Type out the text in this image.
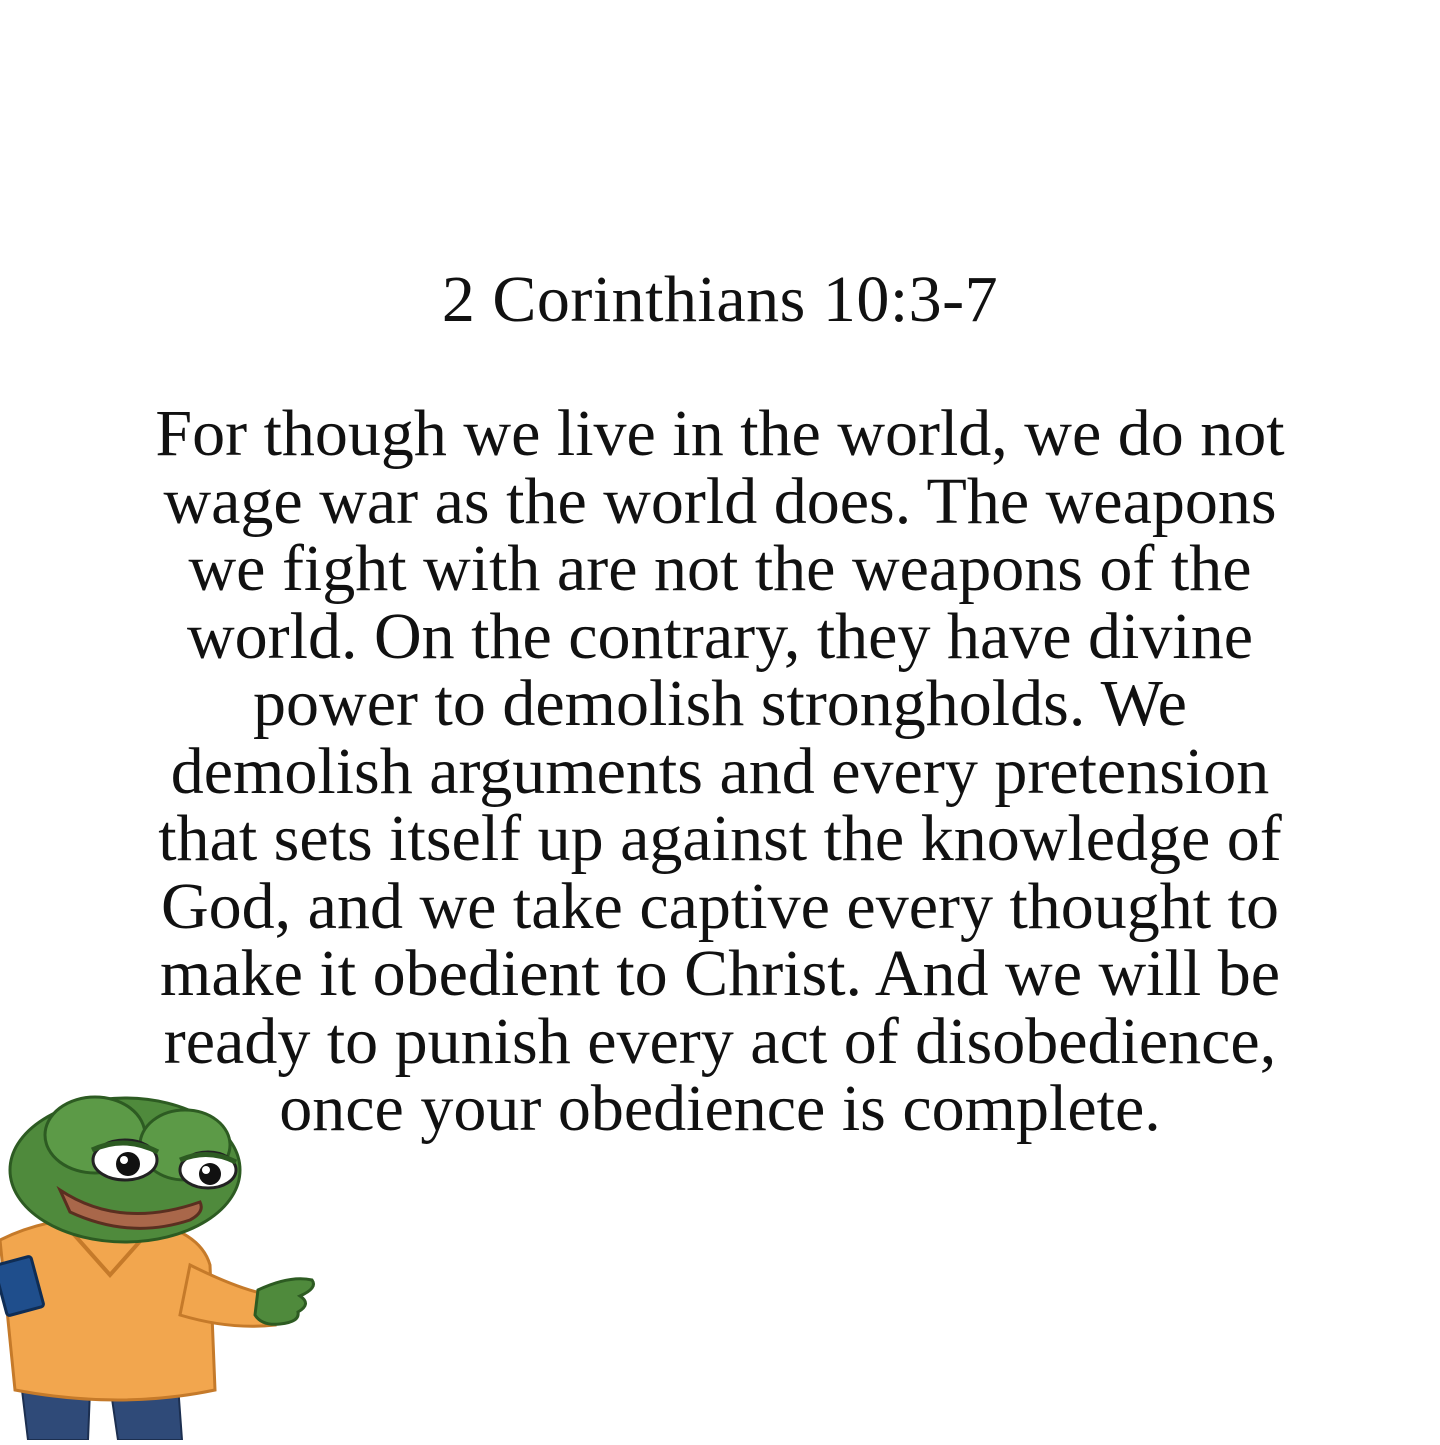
2 Corinthians 10:3-7
For though we live in the world, we do not
wage war as the world does. The weapons
we fight with are not the weapons of the
world. On the contrary, they have divine
power to demolish strongholds. We
demolish arguments and every pretension
that sets itself up against the knowledge of
God, and we take captive every thought to
make it obedient to Christ. And we will be
ready to punish every act of disobedience,
once your obedience is complete.
